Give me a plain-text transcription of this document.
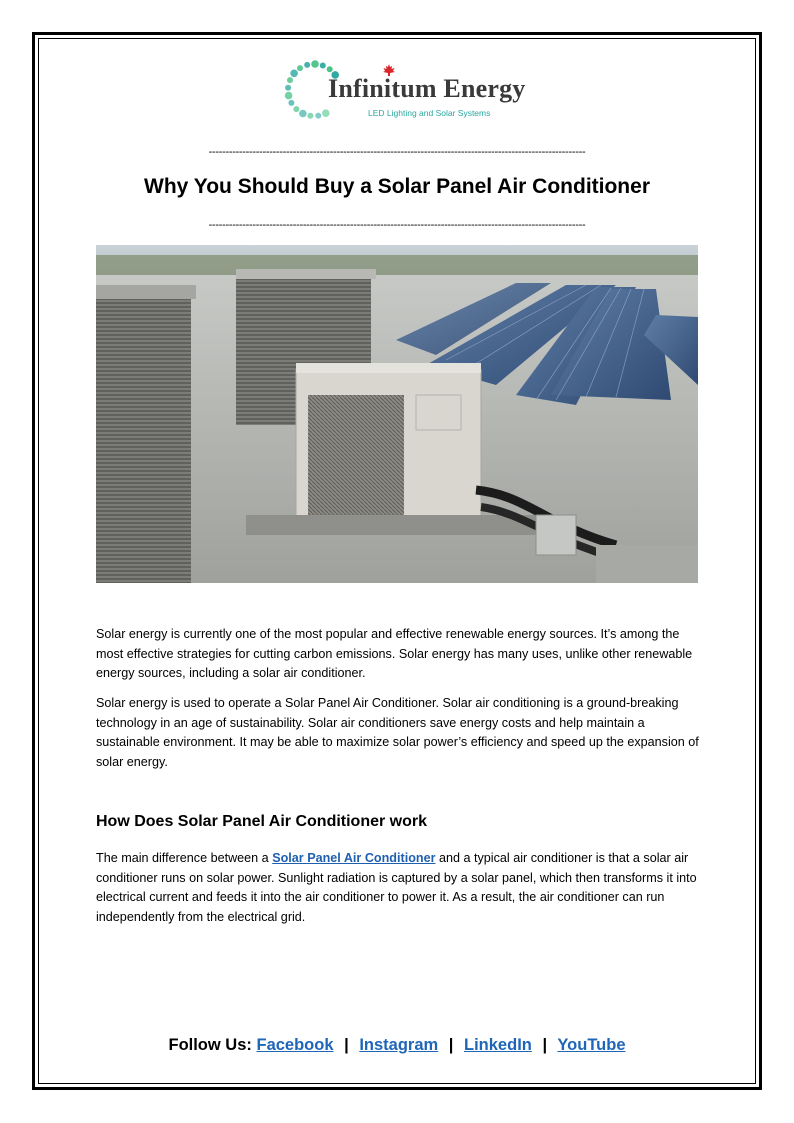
Infinitum Energy
LED Lighting and Solar Systems
----------------------------------------------------------------------------------------------------------------
Why You Should Buy a Solar Panel Air Conditioner
----------------------------------------------------------------------------------------------------------------

Solar energy is currently one of the most popular and effective renewable energy sources. It’s among the most effective strategies for cutting carbon emissions. Solar energy has many uses, unlike other renewable energy sources, including a solar air conditioner.

Solar energy is used to operate a Solar Panel Air Conditioner. Solar air conditioning is a ground-breaking technology in an age of sustainability. Solar air conditioners save energy costs and help maintain a sustainable environment. It may be able to maximize solar power’s efficiency and speed up the expansion of solar energy.

How Does Solar Panel Air Conditioner work

The main difference between a Solar Panel Air Conditioner and a typical air conditioner is that a solar air conditioner runs on solar power. Sunlight radiation is captured by a solar panel, which then transforms it into electrical current and feeds it into the air conditioner to power it. As a result, the air conditioner can run independently from the electrical grid.

Follow Us: Facebook | Instagram | LinkedIn | YouTube
